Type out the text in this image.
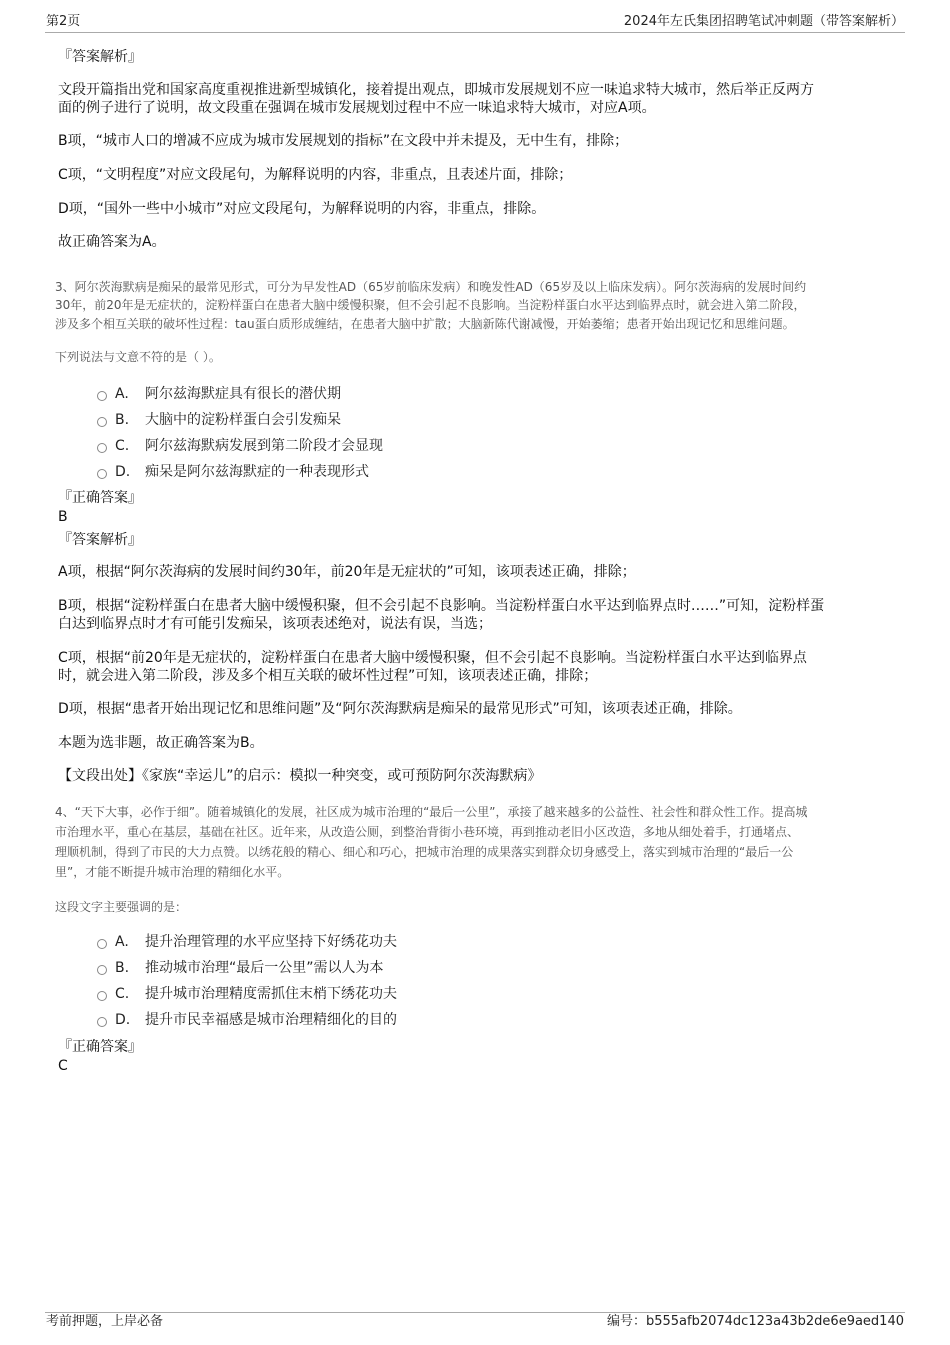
第2页	2024年左氏集团招聘笔试冲刺题（带答案解析）
『答案解析』
文段开篇指出党和国家高度重视推进新型城镇化，接着提出观点，即城市发展规划不应一味追求特大城市，然后举正反两方
面的例子进行了说明，故文段重在强调在城市发展规划过程中不应一味追求特大城市，对应A项。
B项，“城市人口的增减不应成为城市发展规划的指标”在文段中并未提及，无中生有，排除；
C项，“文明程度”对应文段尾句，为解释说明的内容，非重点，且表述片面，排除；
D项，“国外一些中小城市”对应文段尾句，为解释说明的内容，非重点，排除。
故正确答案为A。
3、阿尔茨海默病是痴呆的最常见形式，可分为早发性AD（65岁前临床发病）和晚发性AD（65岁及以上临床发病）。阿尔茨海病的发展时间约
30年，前20年是无症状的，淀粉样蛋白在患者大脑中缓慢积聚，但不会引起不良影响。当淀粉样蛋白水平达到临界点时，就会进入第二阶段，
涉及多个相互关联的破坏性过程：tau蛋白质形成缠结，在患者大脑中扩散；大脑新陈代谢减慢，开始萎缩；患者开始出现记忆和思维问题。
下列说法与文意不符的是（ ）。
A. 阿尔兹海默症具有很长的潜伏期
B. 大脑中的淀粉样蛋白会引发痴呆
C. 阿尔兹海默病发展到第二阶段才会显现
D. 痴呆是阿尔兹海默症的一种表现形式
『正确答案』
B
『答案解析』
A项，根据“阿尔茨海病的发展时间约30年，前20年是无症状的”可知，该项表述正确，排除；
B项，根据“淀粉样蛋白在患者大脑中缓慢积聚，但不会引起不良影响。当淀粉样蛋白水平达到临界点时……”可知，淀粉样蛋
白达到临界点时才有可能引发痴呆，该项表述绝对，说法有误，当选；
C项，根据“前20年是无症状的，淀粉样蛋白在患者大脑中缓慢积聚，但不会引起不良影响。当淀粉样蛋白水平达到临界点
时，就会进入第二阶段，涉及多个相互关联的破坏性过程”可知，该项表述正确，排除；
D项，根据“患者开始出现记忆和思维问题”及“阿尔茨海默病是痴呆的最常见形式”可知，该项表述正确，排除。
本题为选非题，故正确答案为B。
【文段出处】《家族“幸运儿”的启示：模拟一种突变，或可预防阿尔茨海默病》
4、“天下大事，必作于细”。随着城镇化的发展，社区成为城市治理的“最后一公里”，承接了越来越多的公益性、社会性和群众性工作。提高城
市治理水平，重心在基层，基础在社区。近年来，从改造公厕，到整治背街小巷环境，再到推动老旧小区改造，多地从细处着手，打通堵点、
理顺机制，得到了市民的大力点赞。以绣花般的精心、细心和巧心，把城市治理的成果落实到群众切身感受上，落实到城市治理的“最后一公
里”，才能不断提升城市治理的精细化水平。
这段文字主要强调的是：
A. 提升治理管理的水平应坚持下好绣花功夫
B. 推动城市治理“最后一公里”需以人为本
C. 提升城市治理精度需抓住末梢下绣花功夫
D. 提升市民幸福感是城市治理精细化的目的
『正确答案』
C
考前押题，上岸必备	编号：b555afb2074dc123a43b2de6e9aed140
